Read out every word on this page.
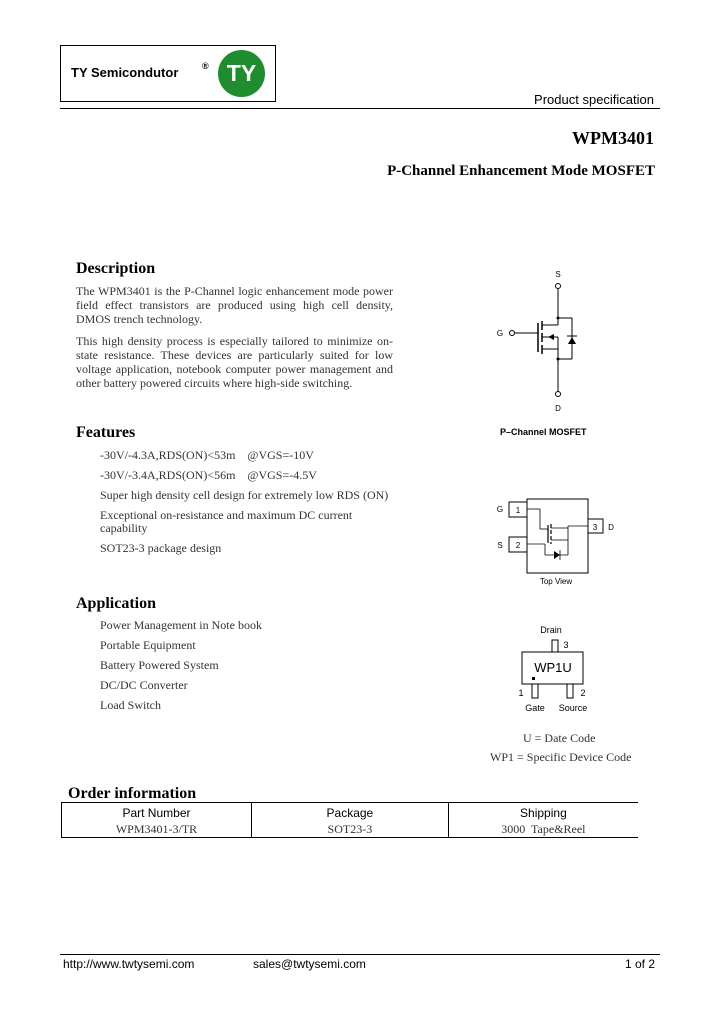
TY Semicondutor	® TY
Product specification
WPM3401
P-Channel Enhancement Mode MOSFET
Description
The WPM3401 is the P-Channel logic enhancement mode power field effect transistors are produced using high cell density, DMOS trench technology.
This high density process is especially tailored to minimize on-state resistance. These devices are particularly suited for low voltage application, notebook computer power management and other battery powered circuits where high-side switching.
Features
-30V/-4.3A,RDS(ON)<53m    @VGS=-10V
-30V/-3.4A,RDS(ON)<56m    @VGS=-4.5V
Super high density cell design for extremely low RDS (ON)
Exceptional on-resistance and maximum DC current capability
SOT23-3 package design
Application
Power Management in Note book
Portable Equipment
Battery Powered System
DC/DC Converter
Load Switch
S
G
D
P–Channel MOSFET
G 1
S 2
3 D
Top View
Drain
3
WP1U
1	2
Gate Source
U = Date Code
WP1 = Specific Device Code
Order information
Part Number	Package	Shipping
WPM3401-3/TR	SOT23-3	3000  Tape&Reel
http://www.twtysemi.com	sales@twtysemi.com	1 of 2
